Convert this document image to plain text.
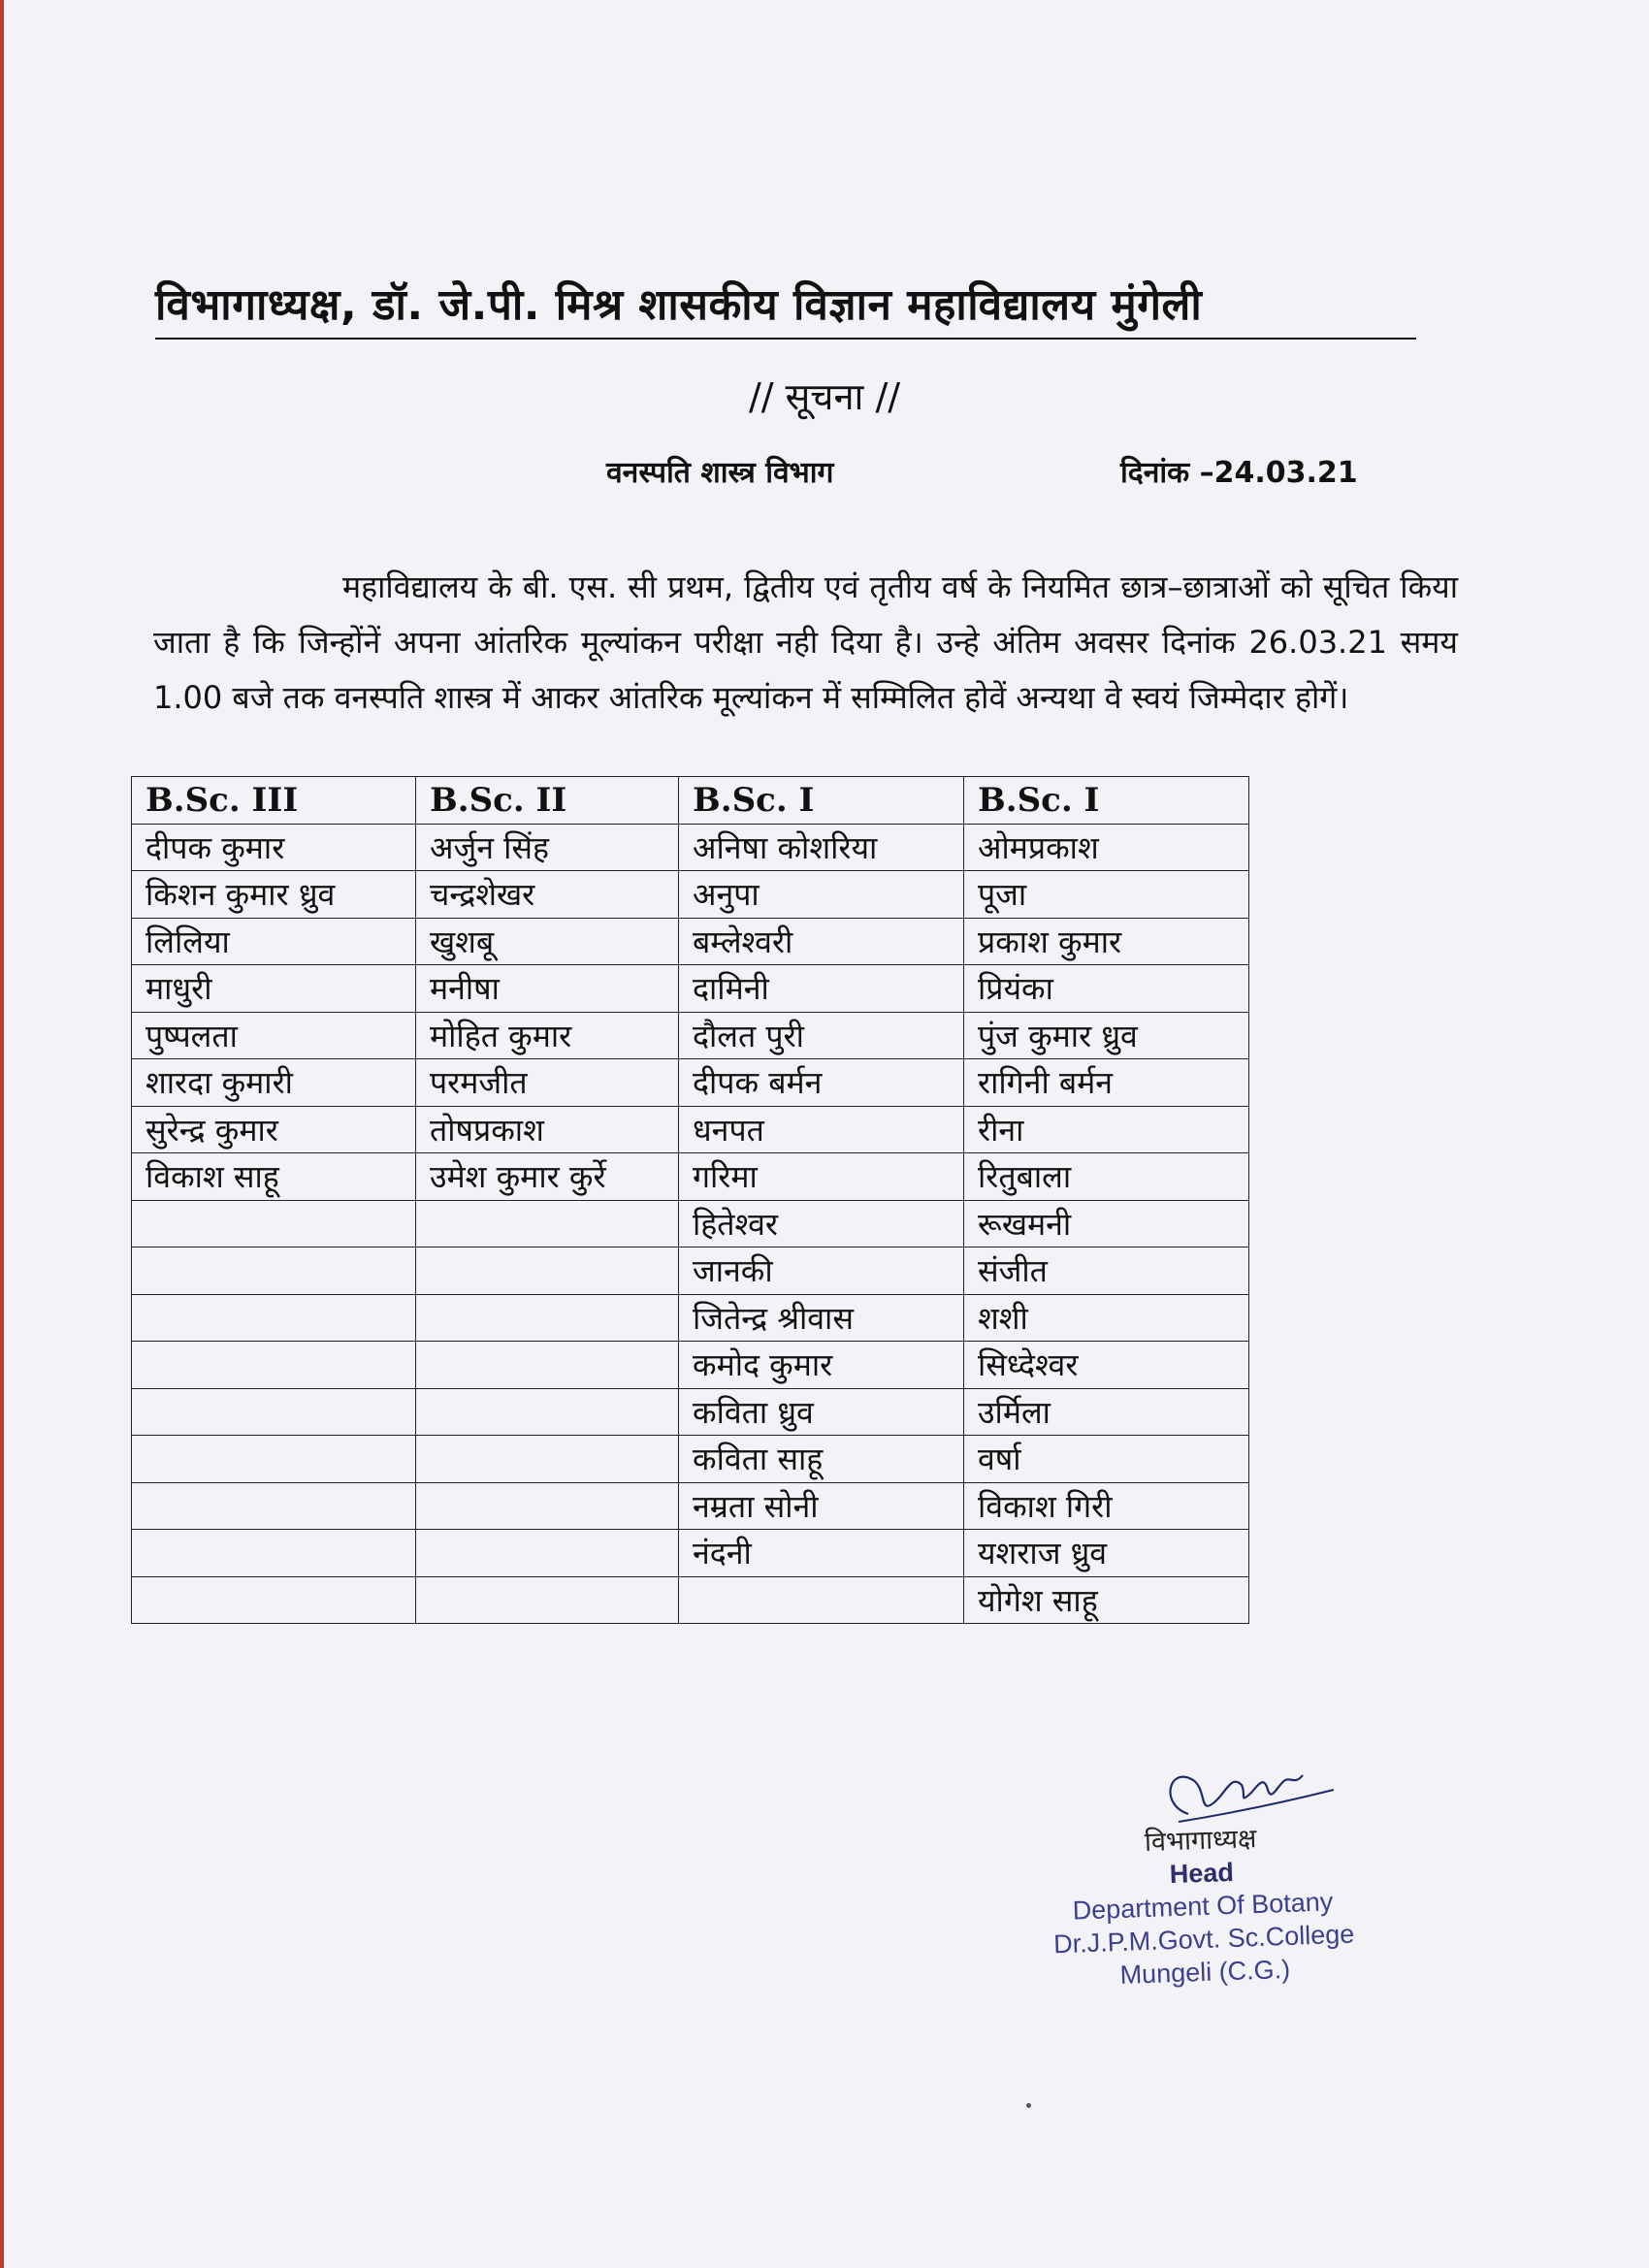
विभागाध्यक्ष, डॉ. जे.पी. मिश्र शासकीय विज्ञान महाविद्यालय मुंगेली
// सूचना //
वनस्पति शास्त्र विभाग	दिनांक –24.03.21

महाविद्यालय के बी. एस. सी प्रथम, द्वितीय एवं तृतीय वर्ष के नियमित छात्र–छात्राओं को सूचित किया जाता है कि जिन्होंनें अपना आंतरिक मूल्यांकन परीक्षा नही दिया है। उन्हे अंतिम अवसर दिनांक 26.03.21 समय 1.00 बजे तक वनस्पति शास्त्र में आकर आंतरिक मूल्यांकन में सम्मिलित होवें अन्यथा वे स्वयं जिम्मेदार होगें।

B.Sc. III	B.Sc. II	B.Sc. I	B.Sc. I
दीपक कुमार	अर्जुन सिंह	अनिषा कोशरिया	ओमप्रकाश
किशन कुमार ध्रुव	चन्द्रशेखर	अनुपा	पूजा
लिलिया	खुशबू	बम्लेश्वरी	प्रकाश कुमार
माधुरी	मनीषा	दामिनी	प्रियंका
पुष्पलता	मोहित कुमार	दौलत पुरी	पुंज कुमार ध्रुव
शारदा कुमारी	परमजीत	दीपक बर्मन	रागिनी बर्मन
सुरेन्द्र कुमार	तोषप्रकाश	धनपत	रीना
विकाश साहू	उमेश कुमार कुर्रे	गरिमा	रितुबाला
		हितेश्वर	रूखमनी
		जानकी	संजीत
		जितेन्द्र श्रीवास	शशी
		कमोद कुमार	सिध्देश्वर
		कविता ध्रुव	उर्मिला
		कविता साहू	वर्षा
		नम्रता सोनी	विकाश गिरी
		नंदनी	यशराज ध्रुव
			योगेश साहू
विभागाध्यक्ष
Head
Department Of Botany
Dr.J.P.M.Govt. Sc.College
Mungeli (C.G.)
